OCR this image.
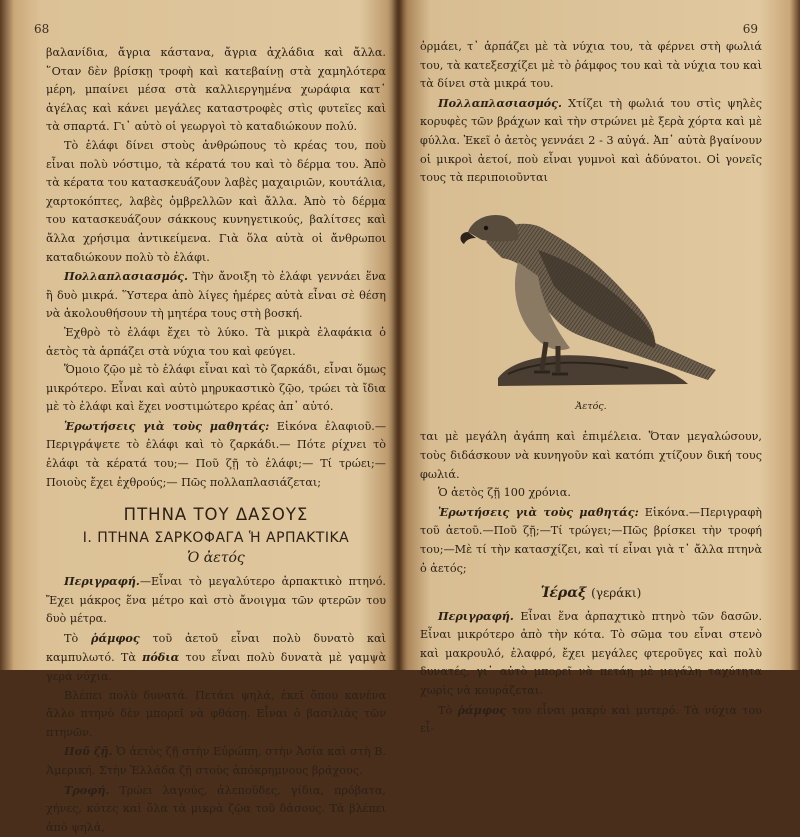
68

βαλανίδια, ἄγρια κάστανα, ἄγρια ἀχλάδια καὶ ἄλλα. ῞Οταν δὲν βρίσκῃ τροφὴ καὶ κατεβαίνῃ στὰ χαμηλότερα μέρη, μπαίνει μέσα στὰ καλλιεργημένα χωράφια κατ᾿ ἀγέλας καὶ κάνει μεγάλες καταστροφὲς στὶς φυτεῖες καὶ τὰ σπαρτά. Γι᾿ αὐτὸ οἱ γεωργοὶ τὸ καταδιώκουν πολύ.

Τὸ ἐλάφι δίνει στοὺς ἀνθρώπους τὸ κρέας του, ποὺ εἶναι πολὺ νόστιμο, τὰ κέρατά του καὶ τὸ δέρμα του. Ἀπὸ τὰ κέρατα του κατασκευάζουν λαβὲς μαχαιριῶν, κουτάλια, χαρτοκόπτες, λαβὲς ὀμβρελλῶν καὶ ἄλλα. Ἀπὸ τὸ δέρμα του κατασκευάζουν σάκκους κυνηγετικούς, βαλίτσες καὶ ἄλλα χρήσιμα ἀντικείμενα. Γιὰ ὅλα αὐτὰ οἱ ἄνθρωποι καταδιώκουν πολὺ τὸ ἐλάφι.

Πολλαπλασιασμός. Τὴν ἄνοιξη τὸ ἐλάφι γεννάει ἕνα ἢ δυὸ μικρά. Ὕστερα ἀπὸ λίγες ἡμέρες αὐτὰ εἶναι σὲ θέση νὰ ἀκολουθήσουν τὴ μητέρα τους στὴ βοσκή.

Ἐχθρὸ τὸ ἐλάφι ἔχει τὸ λύκο. Τὰ μικρὰ ἐλαφάκια ὁ ἀετὸς τὰ ἁρπάζει στὰ νύχια του καὶ φεύγει.

Ὅμοιο ζῷο μὲ τὸ ἐλάφι εἶναι καὶ τὸ ζαρκάδι, εἶναι ὅμως μικρότερο. Εἶναι καὶ αὐτὸ μηρυκαστικὸ ζῷο, τρώει τὰ ἴδια μὲ τὸ ἐλάφι καὶ ἔχει νοστιμώτερο κρέας ἀπ᾿ αὐτό.

Ἐρωτήσεις γιὰ τοὺς μαθητάς: Εἰκόνα ἐλαφιοῦ.— Περιγράψετε τὸ ἐλάφι καὶ τὸ ζαρκάδι.— Πότε ρίχνει τὸ ἐλάφι τὰ κέρατά του;— Ποῦ ζῇ τὸ ἐλάφι;— Τί τρώει;— Ποιοὺς ἔχει ἐχθρούς;— Πῶς πολλαπλασιάζεται;

ΠΤΗΝΑ ΤΟΥ ΔΑΣΟΥΣ
I. ΠΤΗΝΑ ΣΑΡΚΟΦΑΓΑ Ἡ ΑΡΠΑΚΤΙΚΑ
Ὁ ἀετός

Περιγραφή.—Εἶναι τὸ μεγαλύτερο ἁρπακτικὸ πτηνό. Ἔχει μάκρος ἕνα μέτρο καὶ στὸ ἄνοιγμα τῶν φτερῶν του δυὸ μέτρα.

Τὸ ῥάμφος τοῦ ἀετοῦ εἶναι πολὺ δυνατὸ καὶ καμπυλωτό. Τὰ πόδια του εἶναι πολὺ δυνατὰ μὲ γαμψὰ γερὰ νύχια.

Βλέπει πολὺ δυνατά. Πετάει ψηλά, ἐκεῖ ὅπου κανένα ἄλλο πτηνὸ δὲν μπορεῖ νὰ φθάσῃ. Εἶναι ὁ βασιλιὰς τῶν πτηνῶν.

Ποῦ ζῇ. Ὁ ἀετὸς ζῇ στὴν Εὐρώπη, στὴν Ἀσία καὶ στὴ Β. Ἀμερική. Στὴν Ἑλλάδα ζῇ στοὺς ἀπόκρημνους βράχους.

Τροφή. Τρώει λαγούς, ἀλεποῦδες, γίδια, πρόβατα, χήνες, κότες καὶ ὅλα τὰ μικρὰ ζῷα τοῦ δάσους. Τὰ βλέπει ἀπὸ ψηλά,

69

ὁρμάει, τ᾿ ἁρπάζει μὲ τὰ νύχια του, τὰ φέρνει στὴ φωλιά του, τὰ κατεξεσχίζει μὲ τὸ ῥάμφος του καὶ τὰ νύχια του καὶ τὰ δίνει στὰ μικρά του.

Πολλαπλασιασμός. Χτίζει τὴ φωλιά του στὶς ψηλὲς κορυφὲς τῶν βράχων καὶ τὴν στρώνει μὲ ξερὰ χόρτα καὶ μὲ φύλλα. Ἐκεῖ ὁ ἀετὸς γεννάει 2 - 3 αὐγά. Ἀπ᾿ αὐτὰ βγαίνουν οἱ μικροὶ ἀετοί, ποὺ εἶναι γυμνοὶ καὶ ἀδύνατοι. Οἱ γονεῖς τους τὰ περιποιοῦνται

Ἀετός.

ται μὲ μεγάλη ἀγάπη καὶ ἐπιμέλεια. Ὅταν μεγαλώσουν, τοὺς διδάσκουν νὰ κυνηγοῦν καὶ κατόπι χτίζουν δική τους φωλιά.

Ὁ ἀετὸς ζῇ 100 χρόνια.

Ἐρωτήσεις γιὰ τοὺς μαθητάς: Εἰκόνα.—Περιγραφὴ τοῦ ἀετοῦ.—Ποῦ ζῇ;—Τί τρώγει;—Πῶς βρίσκει τὴν τροφή του;—Μὲ τί τὴν κατασχίζει, καὶ τί εἶναι γιὰ τ᾿ ἄλλα πτηνὰ ὁ ἀετός;

Ἱέραξ (γεράκι)

Περιγραφή. Εἶναι ἕνα ἁρπαχτικὸ πτηνὸ τῶν δασῶν. Εἶναι μικρότερο ἀπὸ τὴν κότα. Τὸ σῶμα του εἶναι στενὸ καὶ μακρουλό, ἐλαφρό, ἔχει μεγάλες φτεροῦγες καὶ πολὺ δυνατές, γι᾿ αὐτὸ μπορεῖ νὰ πετάῃ μὲ μεγάλη ταχύτητα χωρὶς νὰ κουράζεται.

Τὸ ῥάμφος του εἶναι μακρὺ καὶ μυτερό. Τὰ νύχια του εἶ-
